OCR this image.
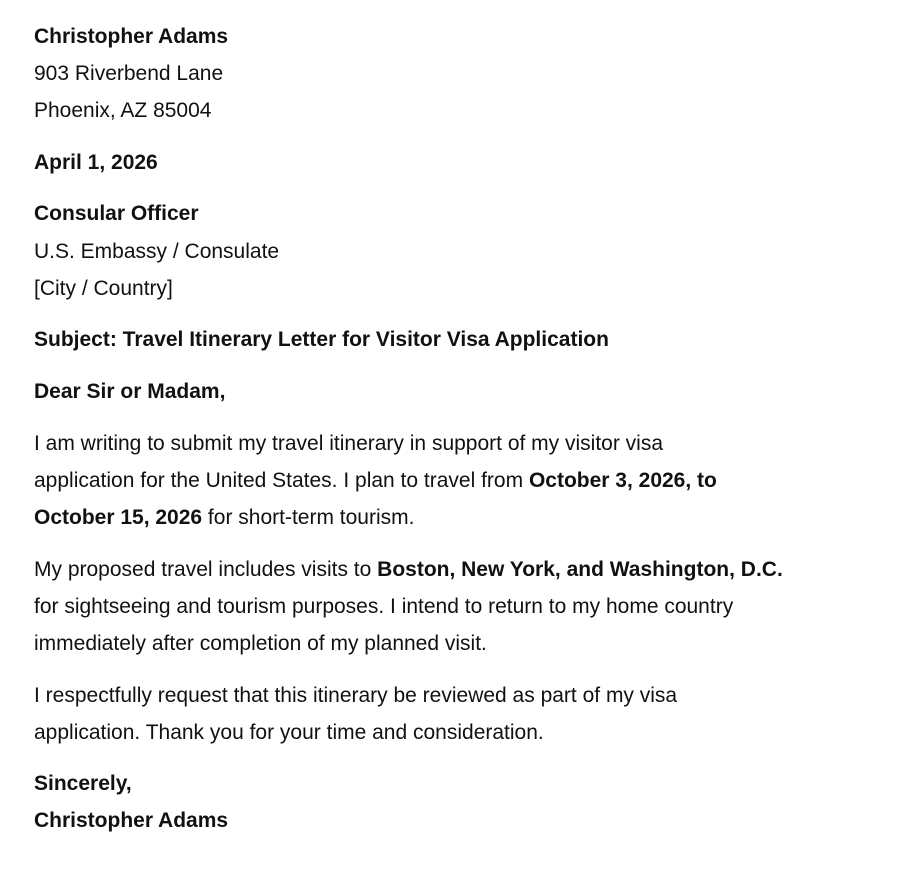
Christopher Adams
903 Riverbend Lane
Phoenix, AZ 85004
April 1, 2026
Consular Officer
U.S. Embassy / Consulate
[City / Country]
Subject: Travel Itinerary Letter for Visitor Visa Application
Dear Sir or Madam,
I am writing to submit my travel itinerary in support of my visitor visa
application for the United States. I plan to travel from October 3, 2026, to
October 15, 2026 for short-term tourism.
My proposed travel includes visits to Boston, New York, and Washington, D.C.
for sightseeing and tourism purposes. I intend to return to my home country
immediately after completion of my planned visit.
I respectfully request that this itinerary be reviewed as part of my visa
application. Thank you for your time and consideration.
Sincerely,
Christopher Adams
